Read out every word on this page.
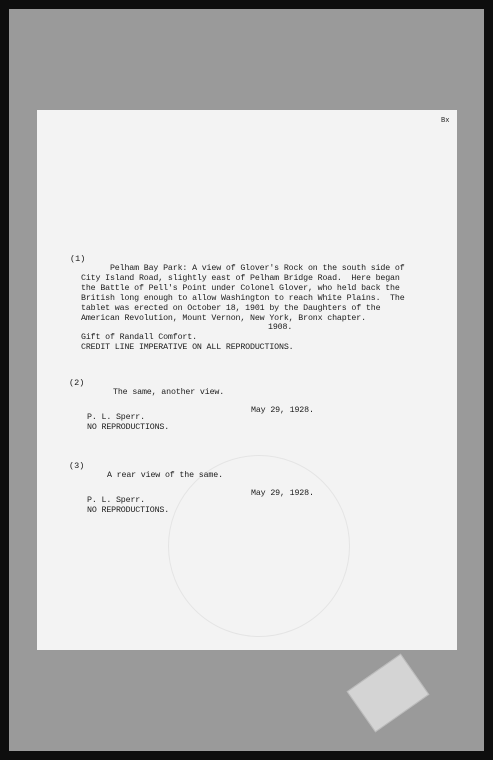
Bx
(1)
Pelham Bay Park: A view of Glover's Rock on the south side of
City Island Road, slightly east of Pelham Bridge Road.  Here began
the Battle of Pell's Point under Colonel Glover, who held back the
British long enough to allow Washington to reach White Plains.  The
tablet was erected on October 18, 1901 by the Daughters of the
American Revolution, Mount Vernon, New York, Bronx chapter.
1908.
Gift of Randall Comfort.
CREDIT LINE IMPERATIVE ON ALL REPRODUCTIONS.
(2)
The same, another view.
May 29, 1928.
P. L. Sperr.
NO REPRODUCTIONS.
(3)
A rear view of the same.
May 29, 1928.
P. L. Sperr.
NO REPRODUCTIONS.
